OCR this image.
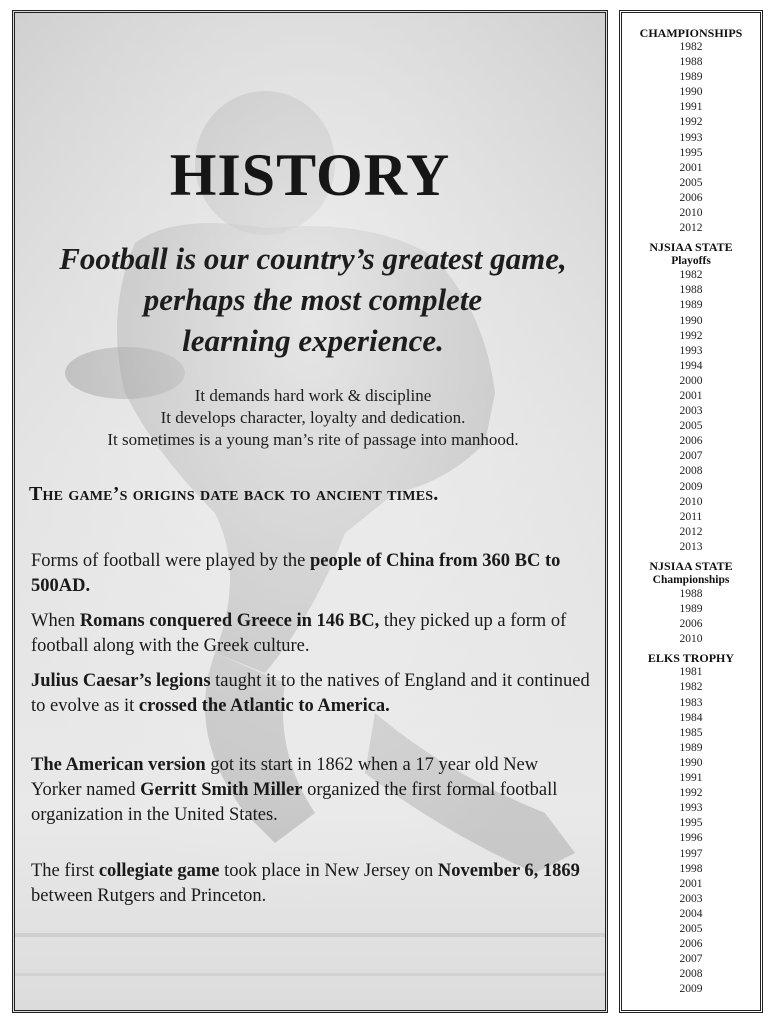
HISTORY
Football is our country’s greatest game,
perhaps the most complete
learning experience.
It demands hard work & discipline
It develops character, loyalty and dedication.
It sometimes is a young man’s rite of passage into manhood.
The game’s origins date back to ancient times.
Forms of football were played by the people of China from 360 BC to 500AD.
When Romans conquered Greece in 146 BC, they picked up a form of football along with the Greek culture.
Julius Caesar’s legions taught it to the natives of England and it continued to evolve as it crossed the Atlantic to America.
The American version got its start in 1862 when a 17 year old New Yorker named Gerritt Smith Miller organized the first formal football organization in the United States.
The first collegiate game took place in New Jersey on November 6, 1869 between Rutgers and Princeton.
CHAMPIONSHIPS
1982
1988
1989
1990
1991
1992
1993
1995
2001
2005
2006
2010
2012
NJSIAA STATE
Playoffs
1982
1988
1989
1990
1992
1993
1994
2000
2001
2003
2005
2006
2007
2008
2009
2010
2011
2012
2013
NJSIAA STATE
Championships
1988
1989
2006
2010
ELKS TROPHY
1981
1982
1983
1984
1985
1989
1990
1991
1992
1993
1995
1996
1997
1998
2001
2003
2004
2005
2006
2007
2008
2009
